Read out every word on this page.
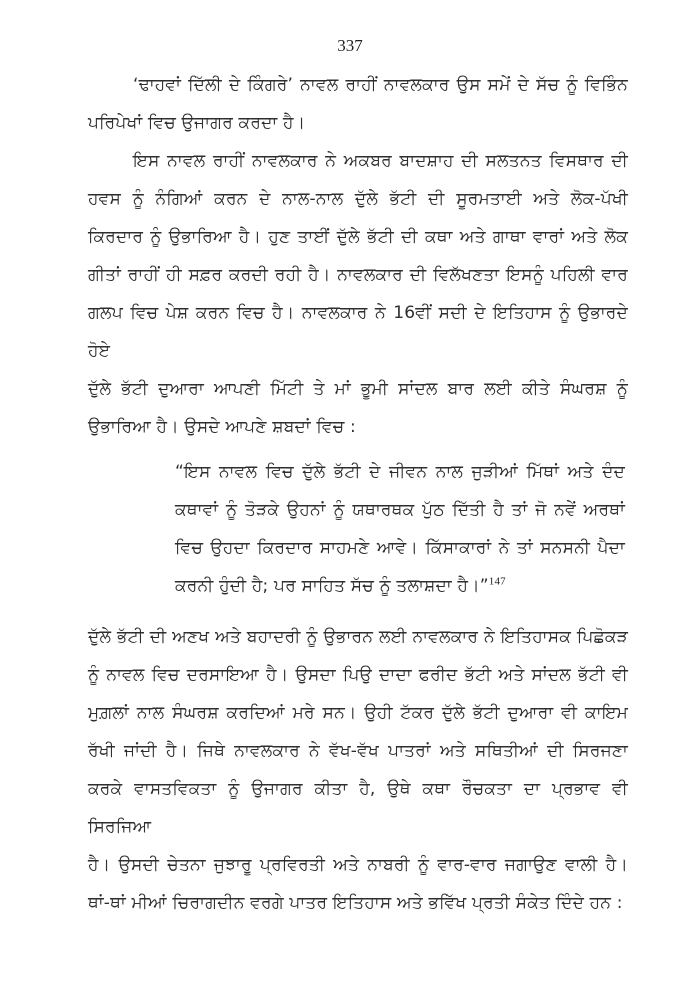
337
‘ਢਾਹਵਾਂ ਦਿੱਲੀ ਦੇ ਕਿੰਗਰੇ’ ਨਾਵਲ ਰਾਹੀਂ ਨਾਵਲਕਾਰ ਉਸ ਸਮੇਂ ਦੇ ਸੱਚ ਨੂੰ ਵਿਭਿੰਨ
ਪਰਿਪੇਖਾਂ ਵਿਚ ਉਜਾਗਰ ਕਰਦਾ ਹੈ।
ਇਸ ਨਾਵਲ ਰਾਹੀਂ ਨਾਵਲਕਾਰ ਨੇ ਅਕਬਰ ਬਾਦਸ਼ਾਹ ਦੀ ਸਲਤਨਤ ਵਿਸਥਾਰ ਦੀ
ਹਵਸ ਨੂੰ ਨੰਗਿਆਂ ਕਰਨ ਦੇ ਨਾਲ-ਨਾਲ ਦੁੱਲੇ ਭੱਟੀ ਦੀ ਸੂਰਮਤਾਈ ਅਤੇ ਲੋਕ-ਪੱਖੀ
ਕਿਰਦਾਰ ਨੂੰ ਉਭਾਰਿਆ ਹੈ। ਹੁਣ ਤਾਈਂ ਦੁੱਲੇ ਭੱਟੀ ਦੀ ਕਥਾ ਅਤੇ ਗਾਥਾ ਵਾਰਾਂ ਅਤੇ ਲੋਕ
ਗੀਤਾਂ ਰਾਹੀਂ ਹੀ ਸਫ਼ਰ ਕਰਦੀ ਰਹੀ ਹੈ। ਨਾਵਲਕਾਰ ਦੀ ਵਿਲੱਖਣਤਾ ਇਸਨੂੰ ਪਹਿਲੀ ਵਾਰ
ਗਲਪ ਵਿਚ ਪੇਸ਼ ਕਰਨ ਵਿਚ ਹੈ। ਨਾਵਲਕਾਰ ਨੇ 16ਵੀਂ ਸਦੀ ਦੇ ਇਤਿਹਾਸ ਨੂੰ ਉਭਾਰਦੇ ਹੋਏ
ਦੁੱਲੇ ਭੱਟੀ ਦੁਆਰਾ ਆਪਣੀ ਮਿੱਟੀ ਤੇ ਮਾਂ ਭੂਮੀ ਸਾਂਦਲ ਬਾਰ ਲਈ ਕੀਤੇ ਸੰਘਰਸ਼ ਨੂੰ
ਉਭਾਰਿਆ ਹੈ। ਉਸਦੇ ਆਪਣੇ ਸ਼ਬਦਾਂ ਵਿਚ :
“ਇਸ ਨਾਵਲ ਵਿਚ ਦੁੱਲੇ ਭੱਟੀ ਦੇ ਜੀਵਨ ਨਾਲ ਜੁੜੀਆਂ ਮਿੱਥਾਂ ਅਤੇ ਦੰਦ
ਕਥਾਵਾਂ ਨੂੰ ਤੋੜਕੇ ਉਹਨਾਂ ਨੂੰ ਯਥਾਰਥਕ ਪੁੱਠ ਦਿੱਤੀ ਹੈ ਤਾਂ ਜੋ ਨਵੇਂ ਅਰਥਾਂ
ਵਿਚ ਉਹਦਾ ਕਿਰਦਾਰ ਸਾਹਮਣੇ ਆਵੇ। ਕਿੱਸਾਕਾਰਾਂ ਨੇ ਤਾਂ ਸਨਸਨੀ ਪੈਦਾ
ਕਰਨੀ ਹੁੰਦੀ ਹੈ; ਪਰ ਸਾਹਿਤ ਸੱਚ ਨੂੰ ਤਲਾਸ਼ਦਾ ਹੈ।”$^{147}$
ਦੁੱਲੇ ਭੱਟੀ ਦੀ ਅਣਖ ਅਤੇ ਬਹਾਦਰੀ ਨੂੰ ਉਭਾਰਨ ਲਈ ਨਾਵਲਕਾਰ ਨੇ ਇਤਿਹਾਸਕ ਪਿਛੋਕੜ
ਨੂੰ ਨਾਵਲ ਵਿਚ ਦਰਸਾਇਆ ਹੈ। ਉਸਦਾ ਪਿਉ ਦਾਦਾ ਫਰੀਦ ਭੱਟੀ ਅਤੇ ਸਾਂਦਲ ਭੱਟੀ ਵੀ
ਮੁਗ਼ਲਾਂ ਨਾਲ ਸੰਘਰਸ਼ ਕਰਦਿਆਂ ਮਰੇ ਸਨ। ਉਹੀ ਟੱਕਰ ਦੁੱਲੇ ਭੱਟੀ ਦੁਆਰਾ ਵੀ ਕਾਇਮ
ਰੱਖੀ ਜਾਂਦੀ ਹੈ। ਜਿਥੇ ਨਾਵਲਕਾਰ ਨੇ ਵੱਖ-ਵੱਖ ਪਾਤਰਾਂ ਅਤੇ ਸਥਿਤੀਆਂ ਦੀ ਸਿਰਜਣਾ
ਕਰਕੇ ਵਾਸਤਵਿਕਤਾ ਨੂੰ ਉਜਾਗਰ ਕੀਤਾ ਹੈ, ਉਥੇ ਕਥਾ ਰੌਚਕਤਾ ਦਾ ਪ੍ਰਭਾਵ ਵੀ ਸਿਰਜਿਆ
ਹੈ। ਉਸਦੀ ਚੇਤਨਾ ਜੁਝਾਰੂ ਪ੍ਰਵਿਰਤੀ ਅਤੇ ਨਾਬਰੀ ਨੂੰ ਵਾਰ-ਵਾਰ ਜਗਾਉਣ ਵਾਲੀ ਹੈ।
ਥਾਂ-ਥਾਂ ਮੀਆਂ ਚਿਰਾਗਦੀਨ ਵਰਗੇ ਪਾਤਰ ਇਤਿਹਾਸ ਅਤੇ ਭਵਿੱਖ ਪ੍ਰਤੀ ਸੰਕੇਤ ਦਿੰਦੇ ਹਨ :
